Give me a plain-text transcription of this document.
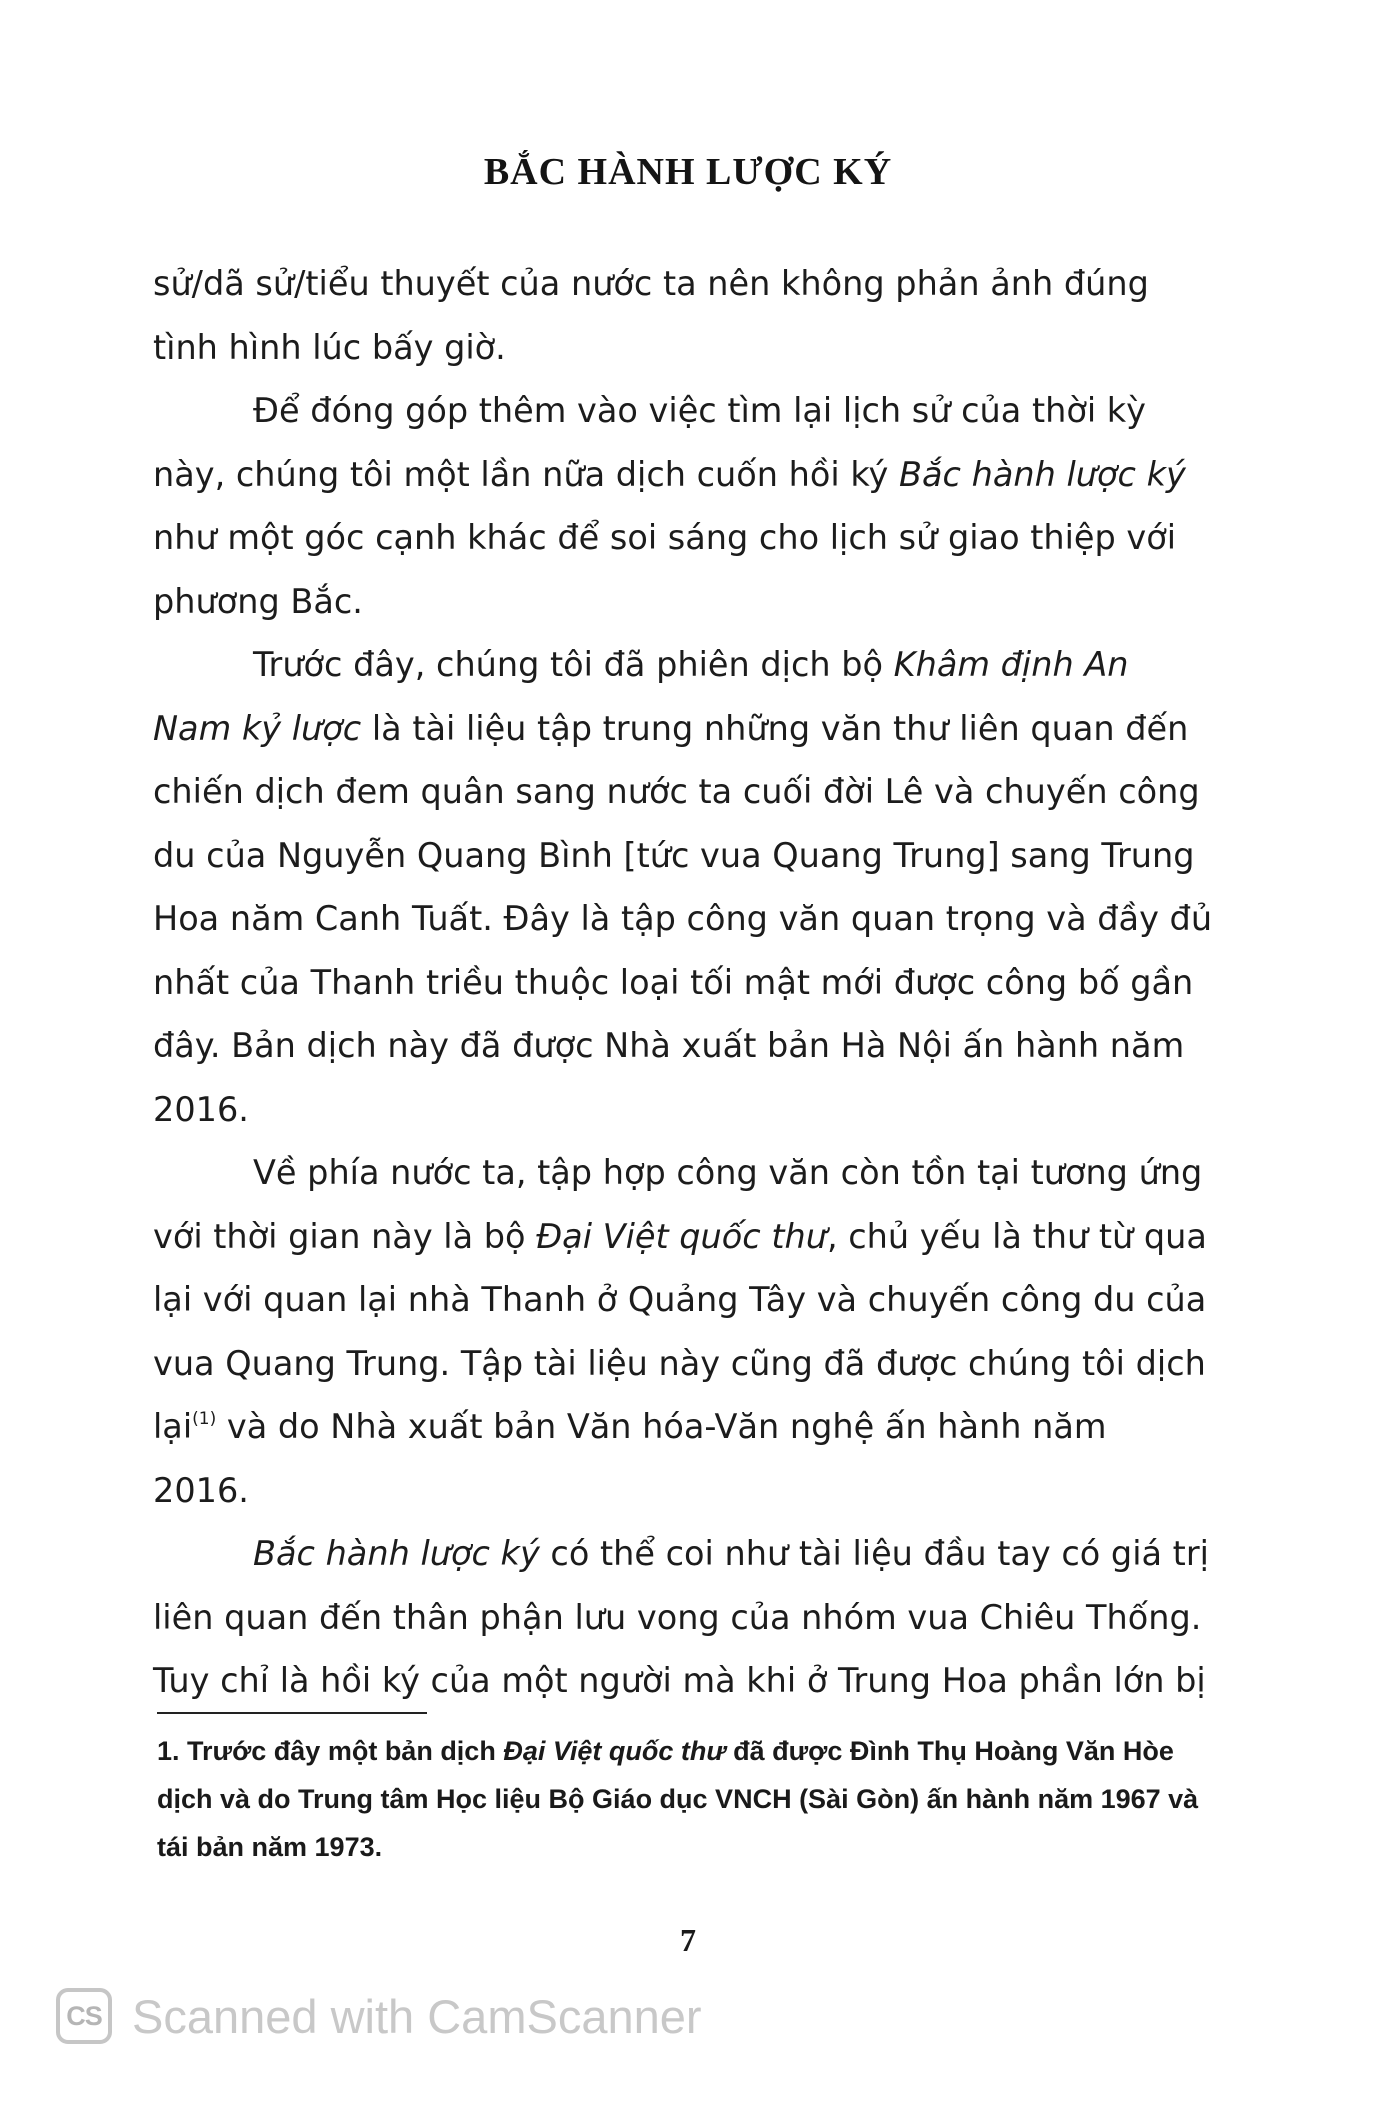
BẮC HÀNH LƯỢC KÝ

sử/dã sử/tiểu thuyết của nước ta nên không phản ảnh đúng tình hình lúc bấy giờ.

Để đóng góp thêm vào việc tìm lại lịch sử của thời kỳ này, chúng tôi một lần nữa dịch cuốn hồi ký Bắc hành lược ký như một góc cạnh khác để soi sáng cho lịch sử giao thiệp với phương Bắc.

Trước đây, chúng tôi đã phiên dịch bộ Khâm định An Nam kỷ lược là tài liệu tập trung những văn thư liên quan đến chiến dịch đem quân sang nước ta cuối đời Lê và chuyến công du của Nguyễn Quang Bình [tức vua Quang Trung] sang Trung Hoa năm Canh Tuất. Đây là tập công văn quan trọng và đầy đủ nhất của Thanh triều thuộc loại tối mật mới được công bố gần đây. Bản dịch này đã được Nhà xuất bản Hà Nội ấn hành năm 2016.

Về phía nước ta, tập hợp công văn còn tồn tại tương ứng với thời gian này là bộ Đại Việt quốc thư, chủ yếu là thư từ qua lại với quan lại nhà Thanh ở Quảng Tây và chuyến công du của vua Quang Trung. Tập tài liệu này cũng đã được chúng tôi dịch lại$^{(1)}$ và do Nhà xuất bản Văn hóa-Văn nghệ ấn hành năm 2016.

Bắc hành lược ký có thể coi như tài liệu đầu tay có giá trị liên quan đến thân phận lưu vong của nhóm vua Chiêu Thống. Tuy chỉ là hồi ký của một người mà khi ở Trung Hoa phần lớn bị

1. Trước đây một bản dịch Đại Việt quốc thư đã được Đình Thụ Hoàng Văn Hòe dịch và do Trung tâm Học liệu Bộ Giáo dục VNCH (Sài Gòn) ấn hành năm 1967 và tái bản năm 1973.
7
CS Scanned with CamScanner
